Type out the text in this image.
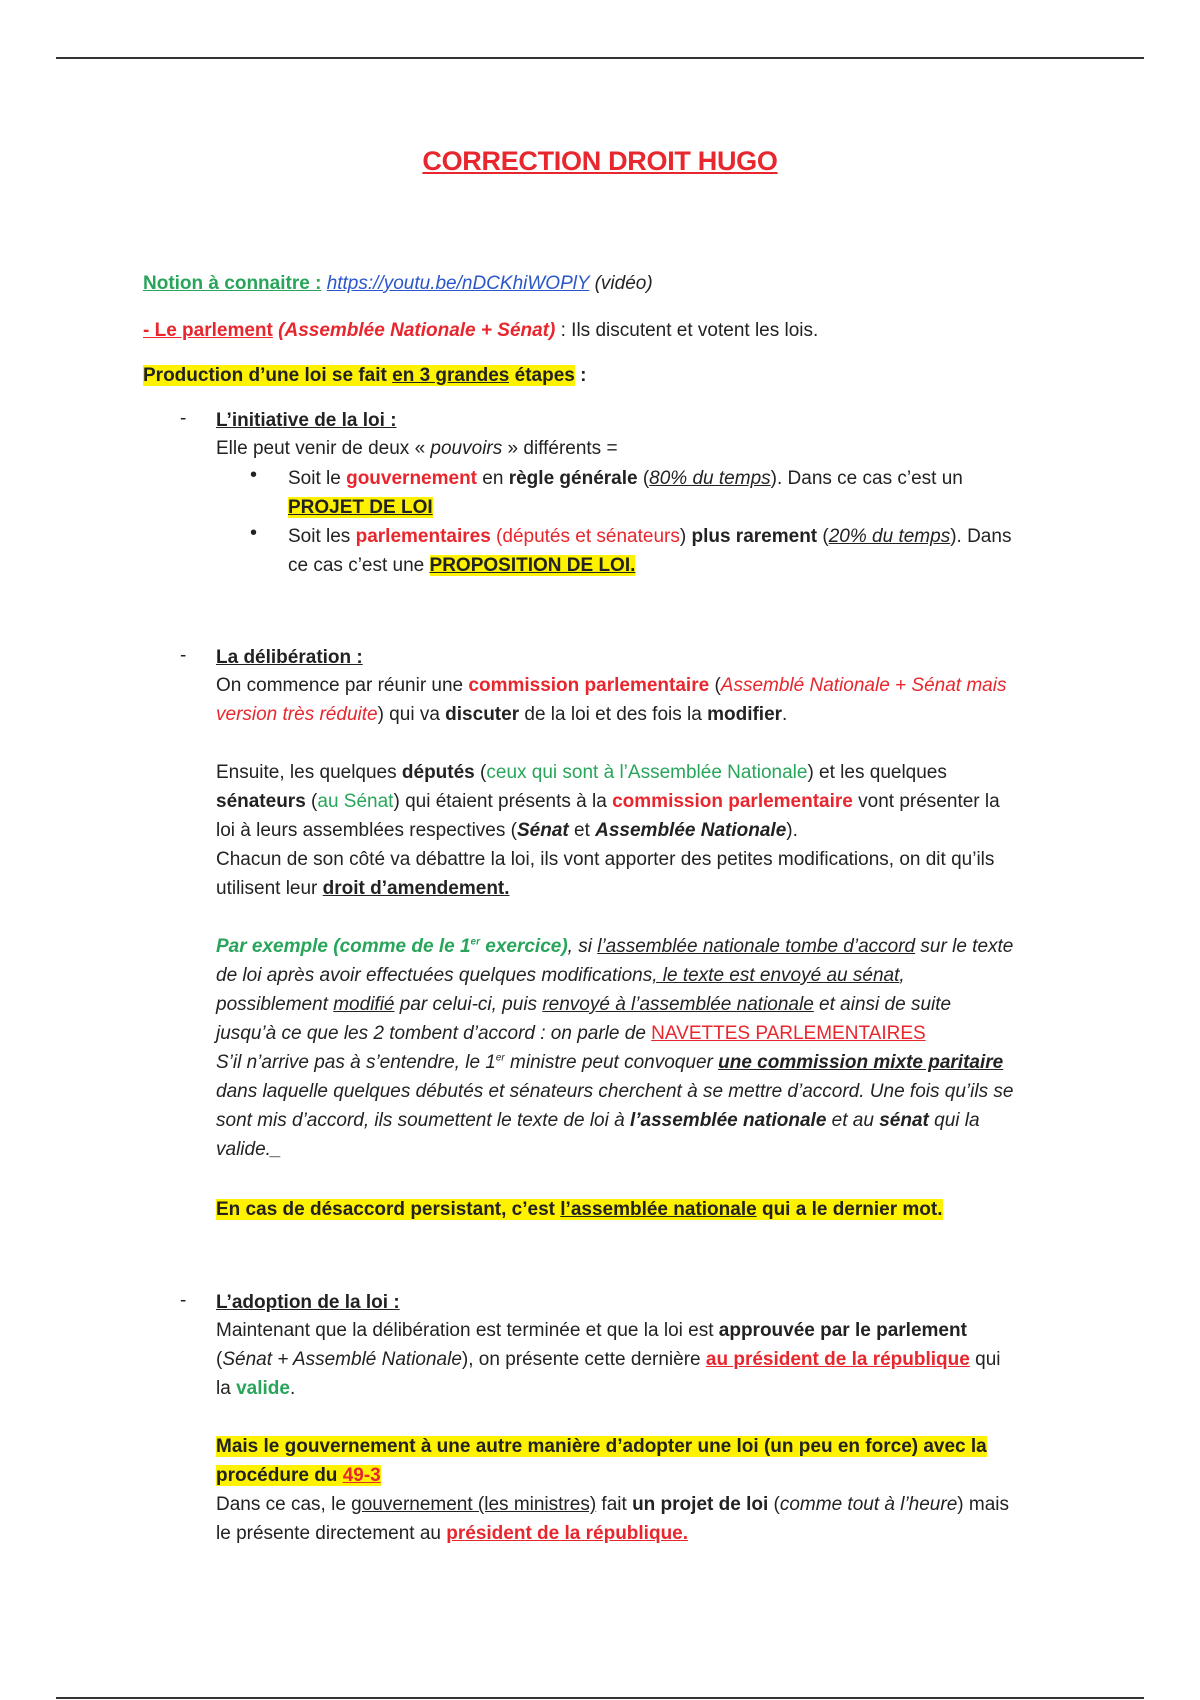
CORRECTION DROIT HUGO
Notion à connaitre : https://youtu.be/nDCKhiWOPlY (vidéo)
- Le parlement (Assemblée Nationale + Sénat) : Ils discutent et votent les lois.
Production d’une loi se fait en 3 grandes étapes :
- L’initiative de la loi :
Elle peut venir de deux « pouvoirs » différents =
• Soit le gouvernement en règle générale (80% du temps). Dans ce cas c’est un
PROJET DE LOI
• Soit les parlementaires (députés et sénateurs) plus rarement (20% du temps). Dans
ce cas c’est une PROPOSITION DE LOI.
- La délibération :
On commence par réunir une commission parlementaire (Assemblé Nationale + Sénat mais
version très réduite) qui va discuter de la loi et des fois la modifier.
Ensuite, les quelques députés (ceux qui sont à l’Assemblée Nationale) et les quelques
sénateurs (au Sénat) qui étaient présents à la commission parlementaire vont présenter la
loi à leurs assemblées respectives (Sénat et Assemblée Nationale).
Chacun de son côté va débattre la loi, ils vont apporter des petites modifications, on dit qu’ils
utilisent leur droit d’amendement.
Par exemple (comme de le 1er exercice), si l’assemblée nationale tombe d’accord sur le texte
de loi après avoir effectuées quelques modifications, le texte est envoyé au sénat,
possiblement modifié par celui-ci, puis renvoyé à l’assemblée nationale et ainsi de suite
jusqu’à ce que les 2 tombent d’accord : on parle de NAVETTES PARLEMENTAIRES
S’il n’arrive pas à s’entendre, le 1er ministre peut convoquer une commission mixte paritaire
dans laquelle quelques débutés et sénateurs cherchent à se mettre d’accord. Une fois qu’ils se
sont mis d’accord, ils soumettent le texte de loi à l’assemblée nationale et au sénat qui la
valide._
En cas de désaccord persistant, c’est l’assemblée nationale qui a le dernier mot.
- L’adoption de la loi :
Maintenant que la délibération est terminée et que la loi est approuvée par le parlement
(Sénat + Assemblé Nationale), on présente cette dernière au président de la république qui
la valide.
Mais le gouvernement à une autre manière d’adopter une loi (un peu en force) avec la
procédure du 49-3
Dans ce cas, le gouvernement (les ministres) fait un projet de loi (comme tout à l’heure) mais
le présente directement au président de la république.
